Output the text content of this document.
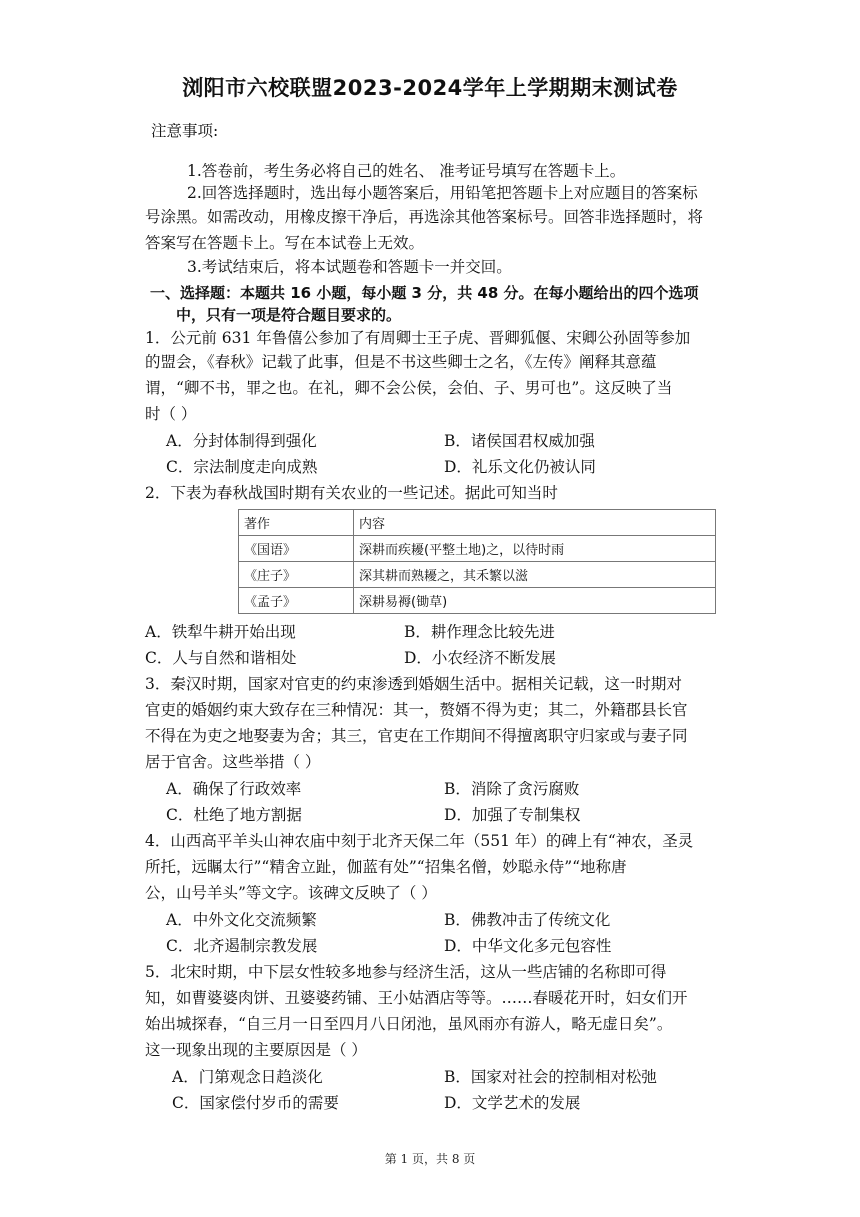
浏阳市六校联盟2023-2024学年上学期期末测试卷
注意事项:
1.答卷前，考生务必将自己的姓名、 准考证号填写在答题卡上。
2.回答选择题时，选出每小题答案后，用铅笔把答题卡上对应题目的答案标
号涂黑。如需改动，用橡皮擦干净后，再选涂其他答案标号。回答非选择题时，将
答案写在答题卡上。写在本试卷上无效。
3.考试结束后，将本试题卷和答题卡一并交回。
一、选择题：本题共 16 小题，每小题 3 分，共 48 分。在每小题给出的四个选项
中，只有一项是符合题目要求的。
1．公元前 631 年鲁僖公参加了有周卿士王子虎、晋卿狐偃、宋卿公孙固等参加
的盟会，《春秋》记载了此事，但是不书这些卿士之名，《左传》阐释其意蕴
谓，“卿不书，罪之也。在礼，卿不会公侯，会伯、子、男可也”。这反映了当
时（ ）
A．分封体制得到强化	B．诸侯国君权威加强
C．宗法制度走向成熟	D．礼乐文化仍被认同
2．下表为春秋战国时期有关农业的一些记述。据此可知当时
著作	内容
《国语》	深耕而疾耰(平整土地)之，以待时雨
《庄子》	深其耕而熟耰之，其禾繁以滋
《孟子》	深耕易褥(锄草)
A．铁犁牛耕开始出现	B．耕作理念比较先进
C．人与自然和谐相处	D．小农经济不断发展
3．秦汉时期，国家对官吏的约束渗透到婚姻生活中。据相关记载，这一时期对
官吏的婚姻约束大致存在三种情况：其一，赘婿不得为吏；其二，外籍郡县长官
不得在为吏之地娶妻为舍；其三，官吏在工作期间不得擅离职守归家或与妻子同
居于官舍。这些举措（ ）
A．确保了行政效率	B．消除了贪污腐败
C．杜绝了地方割据	D．加强了专制集权
4．山西高平羊头山神农庙中刻于北齐天保二年（551 年）的碑上有“神农，圣灵
所托，远瞩太行”“精舍立趾，伽蓝有处”“招集名僧，妙聪永侍”“地称唐
公，山号羊头”等文字。该碑文反映了（ ）
A．中外文化交流频繁	B．佛教冲击了传统文化
C．北齐遏制宗教发展	D．中华文化多元包容性
5．北宋时期，中下层女性较多地参与经济生活，这从一些店铺的名称即可得
知，如曹婆婆肉饼、丑婆婆药铺、王小姑酒店等等。……春暖花开时，妇女们开
始出城探春，“自三月一日至四月八日闭池，虽风雨亦有游人，略无虚日矣”。
这一现象出现的主要原因是（ ）
A．门第观念日趋淡化	B．国家对社会的控制相对松弛
C．国家偿付岁币的需要	D．文学艺术的发展
第 1 页，共 8 页
